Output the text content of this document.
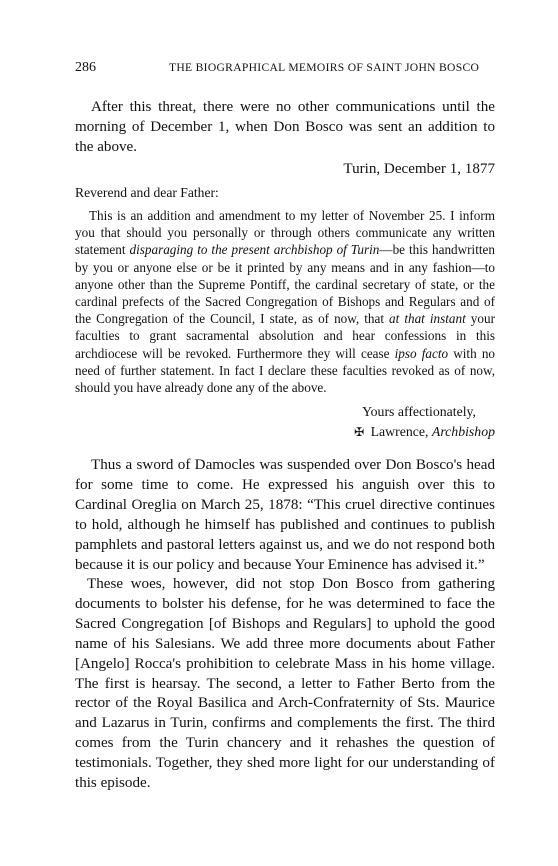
286	THE BIOGRAPHICAL MEMOIRS OF SAINT JOHN BOSCO

After this threat, there were no other communications until the morning of December 1, when Don Bosco was sent an addition to the above.

Turin, December 1, 1877

Reverend and dear Father:

This is an addition and amendment to my letter of November 25. I inform you that should you personally or through others communicate any written statement disparaging to the present archbishop of Turin—be this handwritten by you or anyone else or be it printed by any means and in any fashion—to anyone other than the Supreme Pontiff, the cardinal secretary of state, or the cardinal prefects of the Sacred Congregation of Bishops and Regulars and of the Congregation of the Council, I state, as of now, that at that instant your faculties to grant sacramental absolution and hear confessions in this archdiocese will be revoked. Furthermore they will cease ipso facto with no need of further statement. In fact I declare these faculties revoked as of now, should you have already done any of the above.

Yours affectionately,
✠ Lawrence, Archbishop

Thus a sword of Damocles was suspended over Don Bosco's head for some time to come. He expressed his anguish over this to Cardinal Oreglia on March 25, 1878: “This cruel directive continues to hold, although he himself has published and continues to publish pamphlets and pastoral letters against us, and we do not respond both because it is our policy and because Your Eminence has advised it.”

These woes, however, did not stop Don Bosco from gathering documents to bolster his defense, for he was determined to face the Sacred Congregation [of Bishops and Regulars] to uphold the good name of his Salesians. We add three more documents about Father [Angelo] Rocca's prohibition to celebrate Mass in his home village. The first is hearsay. The second, a letter to Father Berto from the rector of the Royal Basilica and Arch-Confraternity of Sts. Maurice and Lazarus in Turin, confirms and complements the first. The third comes from the Turin chancery and it rehashes the question of testimonials. Together, they shed more light for our understanding of this episode.
